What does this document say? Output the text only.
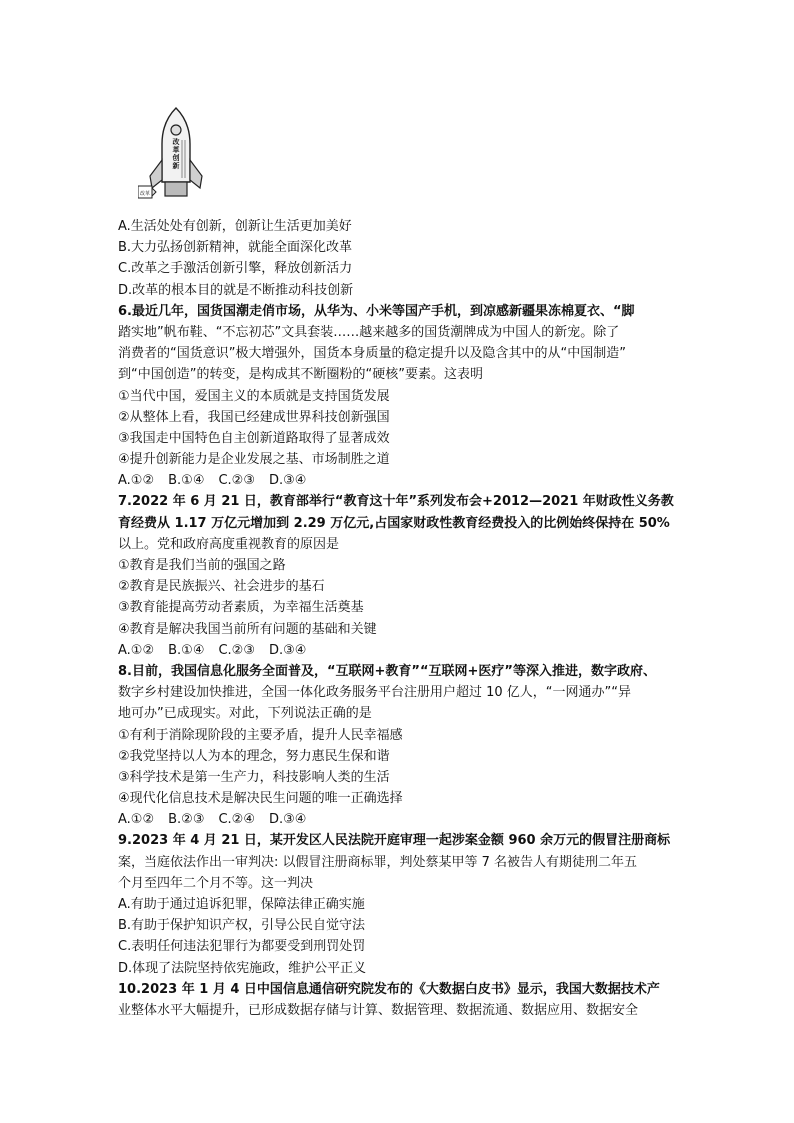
改
革
创
新
改革
A.生活处处有创新，创新让生活更加美好
B.大力弘扬创新精神，就能全面深化改革
C.改革之手激活创新引擎，释放创新活力
D.改革的根本目的就是不断推动科技创新
6.最近几年，国货国潮走俏市场，从华为、小米等国产手机，到凉感新疆果冻棉夏衣、“脚
踏实地”帆布鞋、“不忘初芯”文具套装……越来越多的国货潮牌成为中国人的新宠。除了
消费者的“国货意识”极大增强外，国货本身质量的稳定提升以及隐含其中的从“中国制造”
到“中国创造”的转变，是构成其不断圈粉的“硬核”要素。这表明
①当代中国，爱国主义的本质就是支持国货发展
②从整体上看，我国已经建成世界科技创新强国
③我国走中国特色自主创新道路取得了显著成效
④提升创新能力是企业发展之基、市场制胜之道
A.①② B.①④ C.②③ D.③④
7.2022 年 6 月 21 日，教育部举行“教育这十年”系列发布会+2012—2021 年财政性义务教
育经费从 1.17 万亿元增加到 2.29 万亿元,占国家财政性教育经费投入的比例始终保持在 50%
以上。党和政府高度重视教育的原因是
①教育是我们当前的强国之路
②教育是民族振兴、社会进步的基石
③教育能提高劳动者素质，为幸福生活奠基
④教育是解决我国当前所有问题的基础和关键
A.①② B.①④ C.②③ D.③④
8.目前，我国信息化服务全面普及，“互联网+教育”“互联网+医疗”等深入推进，数字政府、
数字乡村建设加快推进，全国一体化政务服务平台注册用户超过 10 亿人，“一网通办”“异
地可办”已成现实。对此，下列说法正确的是
①有利于消除现阶段的主要矛盾，提升人民幸福感
②我党坚持以人为本的理念，努力惠民生保和谐
③科学技术是第一生产力，科技影响人类的生活
④现代化信息技术是解决民生问题的唯一正确选择
A.①② B.②③ C.②④ D.③④
9.2023 年 4 月 21 日，某开发区人民法院开庭审理一起涉案金额 960 余万元的假冒注册商标
案，当庭依法作出一审判决: 以假冒注册商标罪，判处蔡某甲等 7 名被告人有期徒刑二年五
个月至四年二个月不等。这一判决
A.有助于通过追诉犯罪，保障法律正确实施
B.有助于保护知识产权，引导公民自觉守法
C.表明任何违法犯罪行为都要受到刑罚处罚
D.体现了法院坚持依宪施政，维护公平正义
10.2023 年 1 月 4 日中国信息通信研究院发布的《大数据白皮书》显示，我国大数据技术产
业整体水平大幅提升，已形成数据存储与计算、数据管理、数据流通、数据应用、数据安全
